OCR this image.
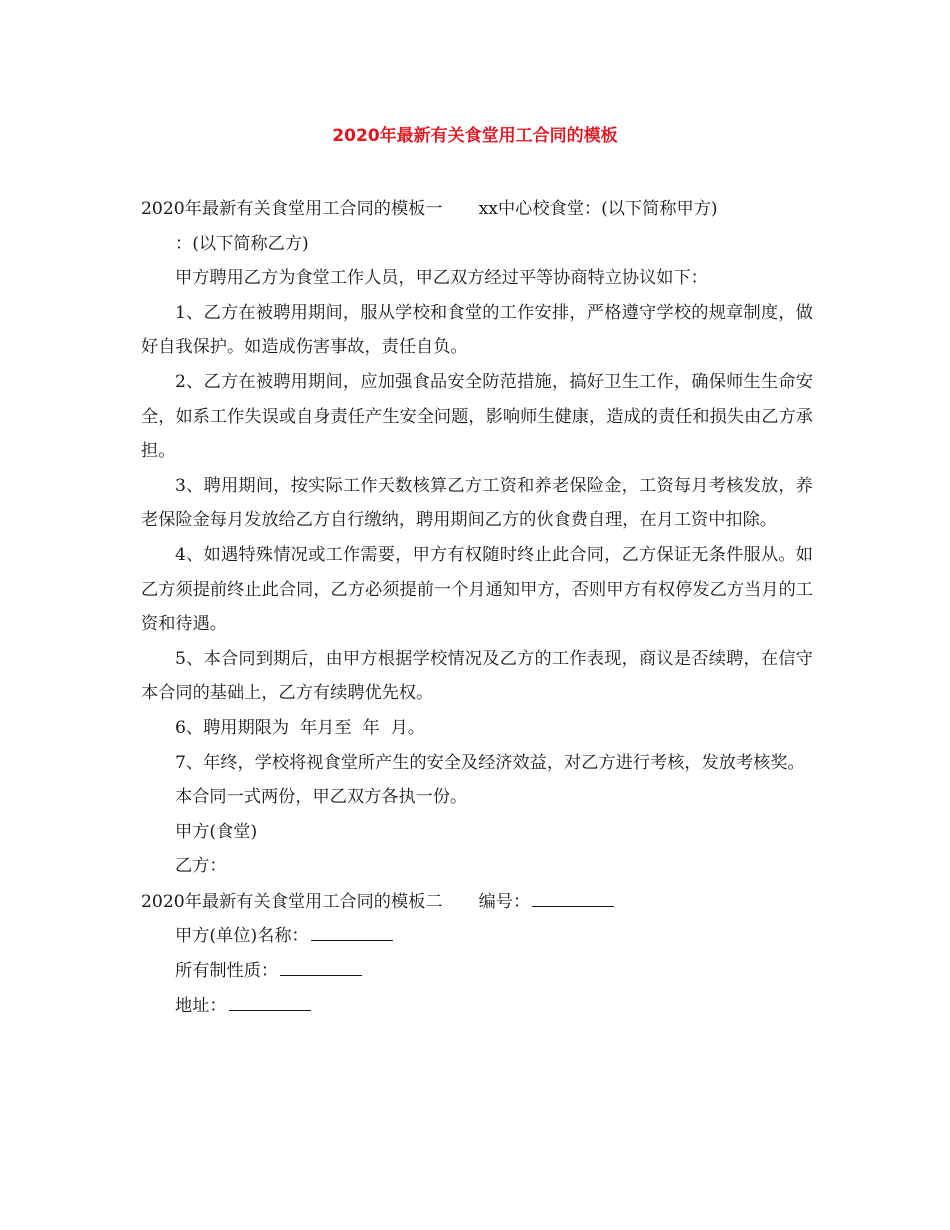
2020年最新有关食堂用工合同的模板
2020年最新有关食堂用工合同的模板一 xx中心校食堂：(以下简称甲方)
：(以下简称乙方)
甲方聘用乙方为食堂工作人员，甲乙双方经过平等协商特立协议如下：
1、乙方在被聘用期间，服从学校和食堂的工作安排，严格遵守学校的规章制度，做好自我保护。如造成伤害事故，责任自负。
2、乙方在被聘用期间，应加强食品安全防范措施，搞好卫生工作，确保师生生命安全，如系工作失误或自身责任产生安全问题，影响师生健康，造成的责任和损失由乙方承担。
3、聘用期间，按实际工作天数核算乙方工资和养老保险金，工资每月考核发放，养老保险金每月发放给乙方自行缴纳，聘用期间乙方的伙食费自理，在月工资中扣除。
4、如遇特殊情况或工作需要，甲方有权随时终止此合同，乙方保证无条件服从。如乙方须提前终止此合同，乙方必须提前一个月通知甲方，否则甲方有权停发乙方当月的工资和待遇。
5、本合同到期后，由甲方根据学校情况及乙方的工作表现，商议是否续聘，在信守本合同的基础上，乙方有续聘优先权。
6、聘用期限为  年月至  年  月。
7、年终，学校将视食堂所产生的安全及经济效益，对乙方进行考核，发放考核奖。
本合同一式两份，甲乙双方各执一份。
甲方(食堂)
乙方：
2020年最新有关食堂用工合同的模板二 编号：
甲方(单位)名称：
所有制性质：
地址：
